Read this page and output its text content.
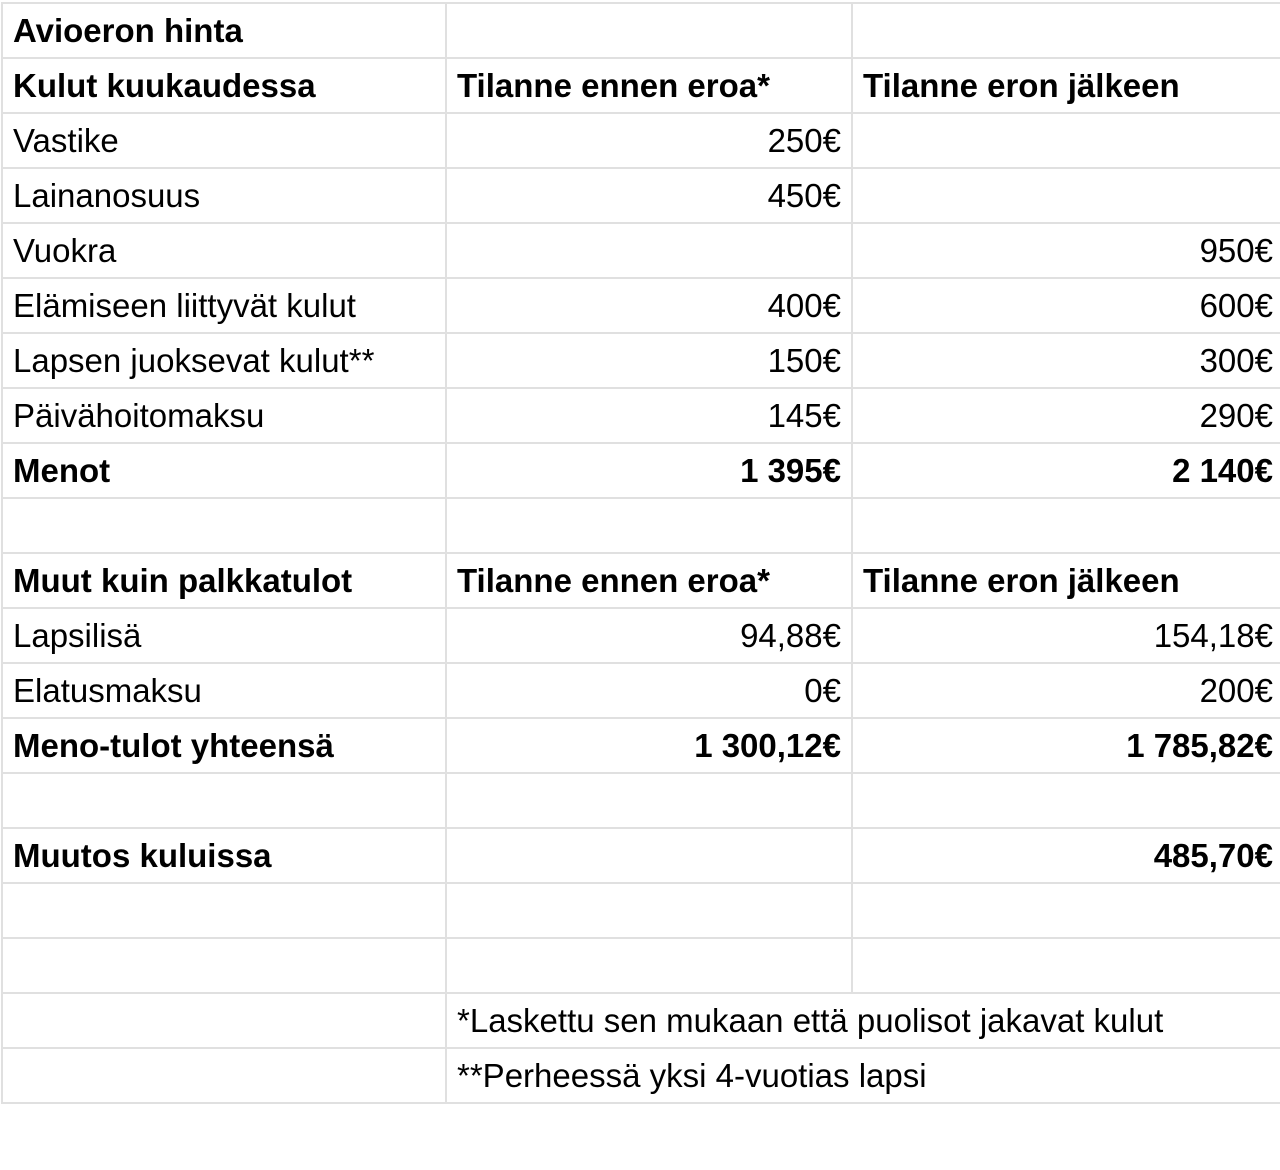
Avioeron hinta		
Kulut kuukaudessa	Tilanne ennen eroa*	Tilanne eron jälkeen
Vastike	250€	
Lainanosuus	450€	
Vuokra		950€
Elämiseen liittyvät kulut	400€	600€
Lapsen juoksevat kulut**	150€	300€
Päivähoitomaksu	145€	290€
Menot	1 395€	2 140€

Muut kuin palkkatulot	Tilanne ennen eroa*	Tilanne eron jälkeen
Lapsilisä	94,88€	154,18€
Elatusmaksu	0€	200€
Meno-tulot yhteensä	1 300,12€	1 785,82€

Muutos kuluissa		485,70€

	*Laskettu sen mukaan että puolisot jakavat kulut	
	**Perheessä yksi 4-vuotias lapsi	
